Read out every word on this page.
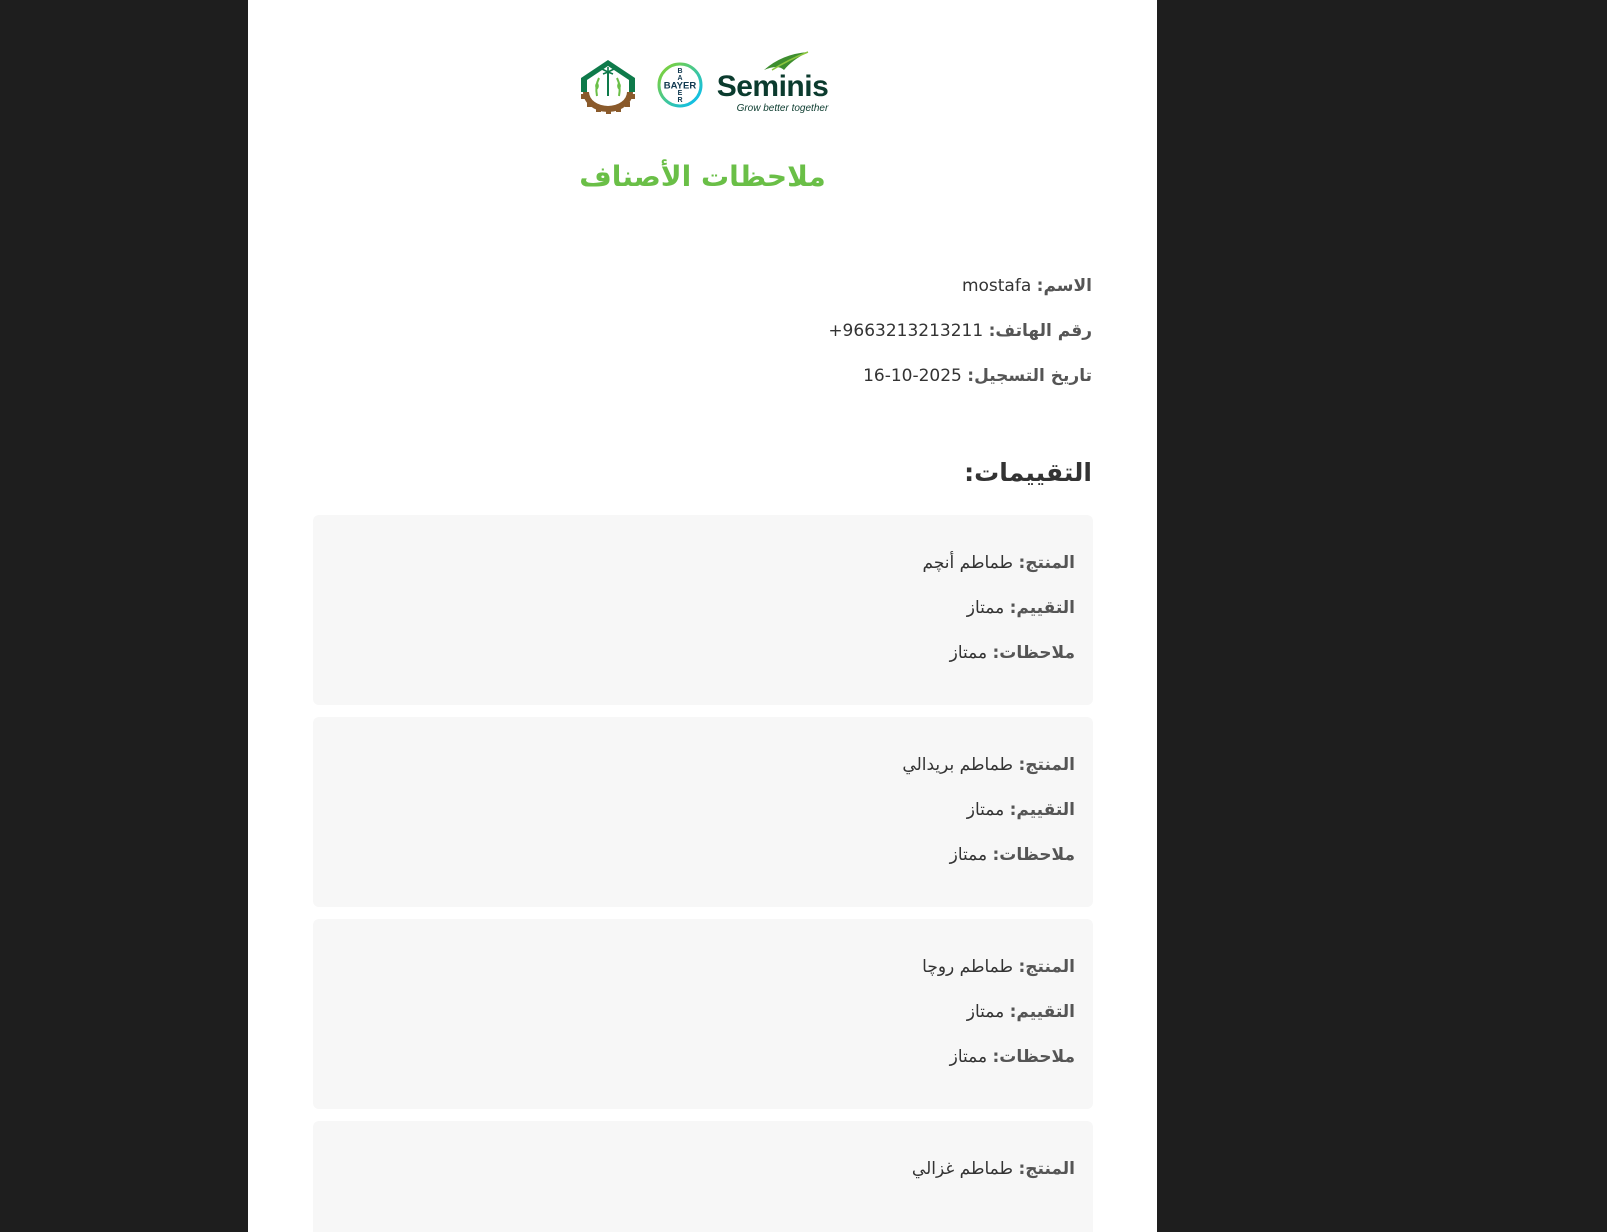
BAYER
B
A
E
R Seminis
Grow better together
ملاحظات الأصناف

الاسم: mostafa

رقم الهاتف: +9663213213211

تاريخ التسجيل: 16-10-2025

التقييمات:

المنتج: طماطم أنچم

التقييم: ممتاز

ملاحظات: ممتاز

المنتج: طماطم بريدالي

التقييم: ممتاز

ملاحظات: ممتاز

المنتج: طماطم روچا

التقييم: ممتاز

ملاحظات: ممتاز

المنتج: طماطم غزالي
